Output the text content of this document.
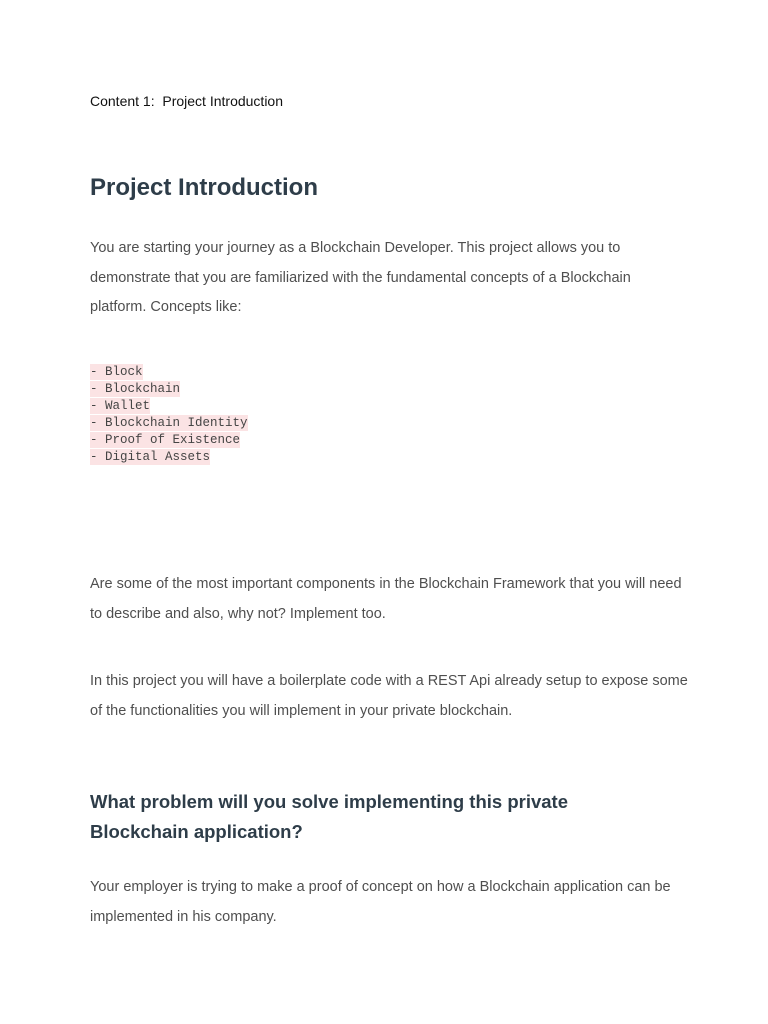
Content 1:  Project Introduction
Project Introduction

You are starting your journey as a Blockchain Developer. This project allows you to demonstrate that you are familiarized with the fundamental concepts of a Blockchain platform. Concepts like:

- Block
- Blockchain
- Wallet
- Blockchain Identity
- Proof of Existence
- Digital Assets

Are some of the most important components in the Blockchain Framework that you will need to describe and also, why not? Implement too.

In this project you will have a boilerplate code with a REST Api already setup to expose some of the functionalities you will implement in your private blockchain.

What problem will you solve implementing this private Blockchain application?

Your employer is trying to make a proof of concept on how a Blockchain application can be implemented in his company.
